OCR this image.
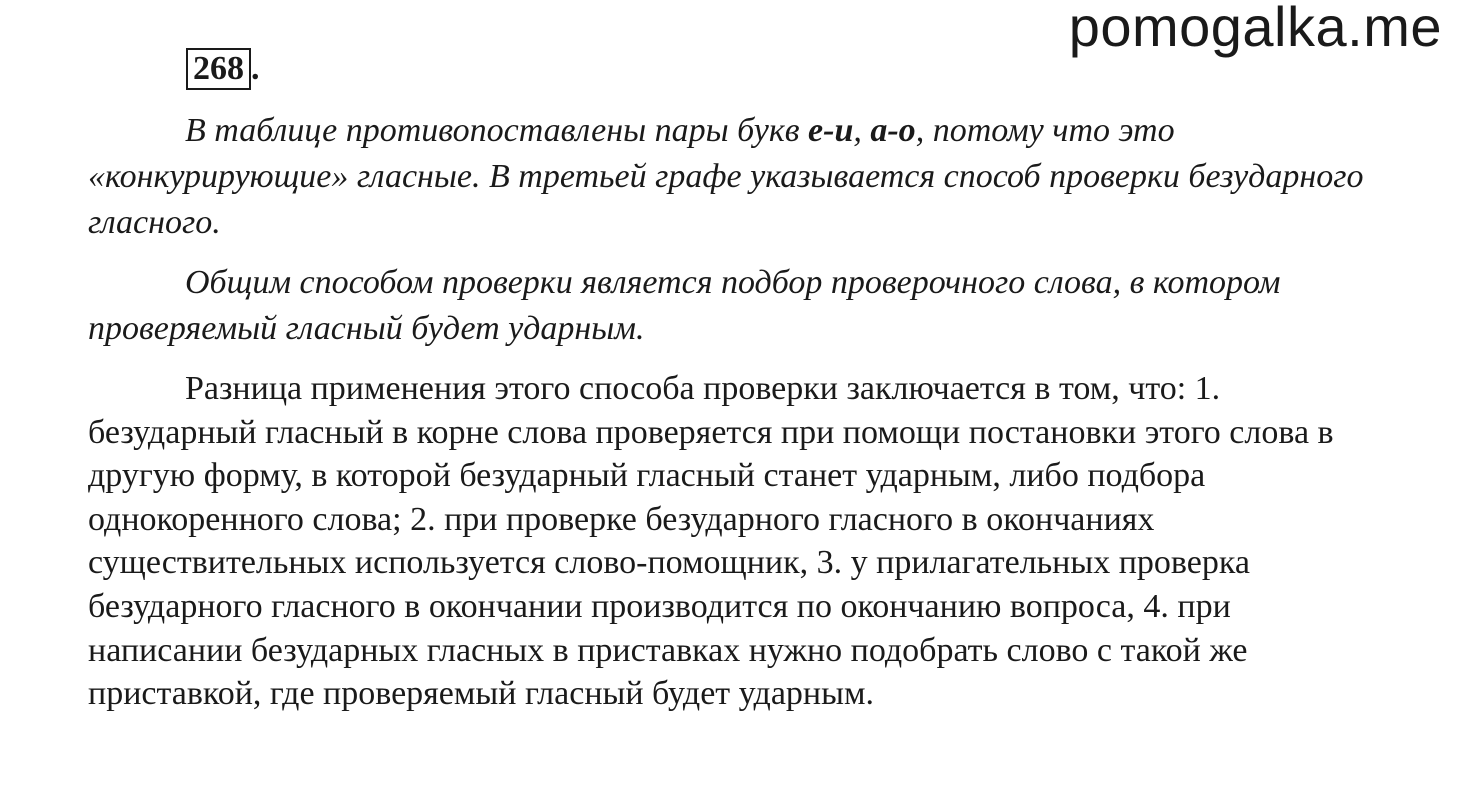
pomogalka.me
268 .

В таблице противопоставлены пары букв е-и, а-о, потому что это «конкурирующие» гласные. В третьей графе указывается способ проверки безударного гласного.

Общим способом проверки является подбор проверочного слова, в котором проверяемый гласный будет ударным.

Разница применения этого способа проверки заключается в том, что: 1. безударный гласный в корне слова проверяется при помощи постановки этого слова в другую форму, в которой безударный гласный станет ударным, либо подбора однокоренного слова; 2. при проверке безударного гласного в окончаниях существительных используется слово-помощник, 3. у прилагательных проверка безударного гласного в окончании производится по окончанию вопроса, 4. при написании безударных гласных в приставках нужно подобрать слово с такой же приставкой, где проверяемый гласный будет ударным.
